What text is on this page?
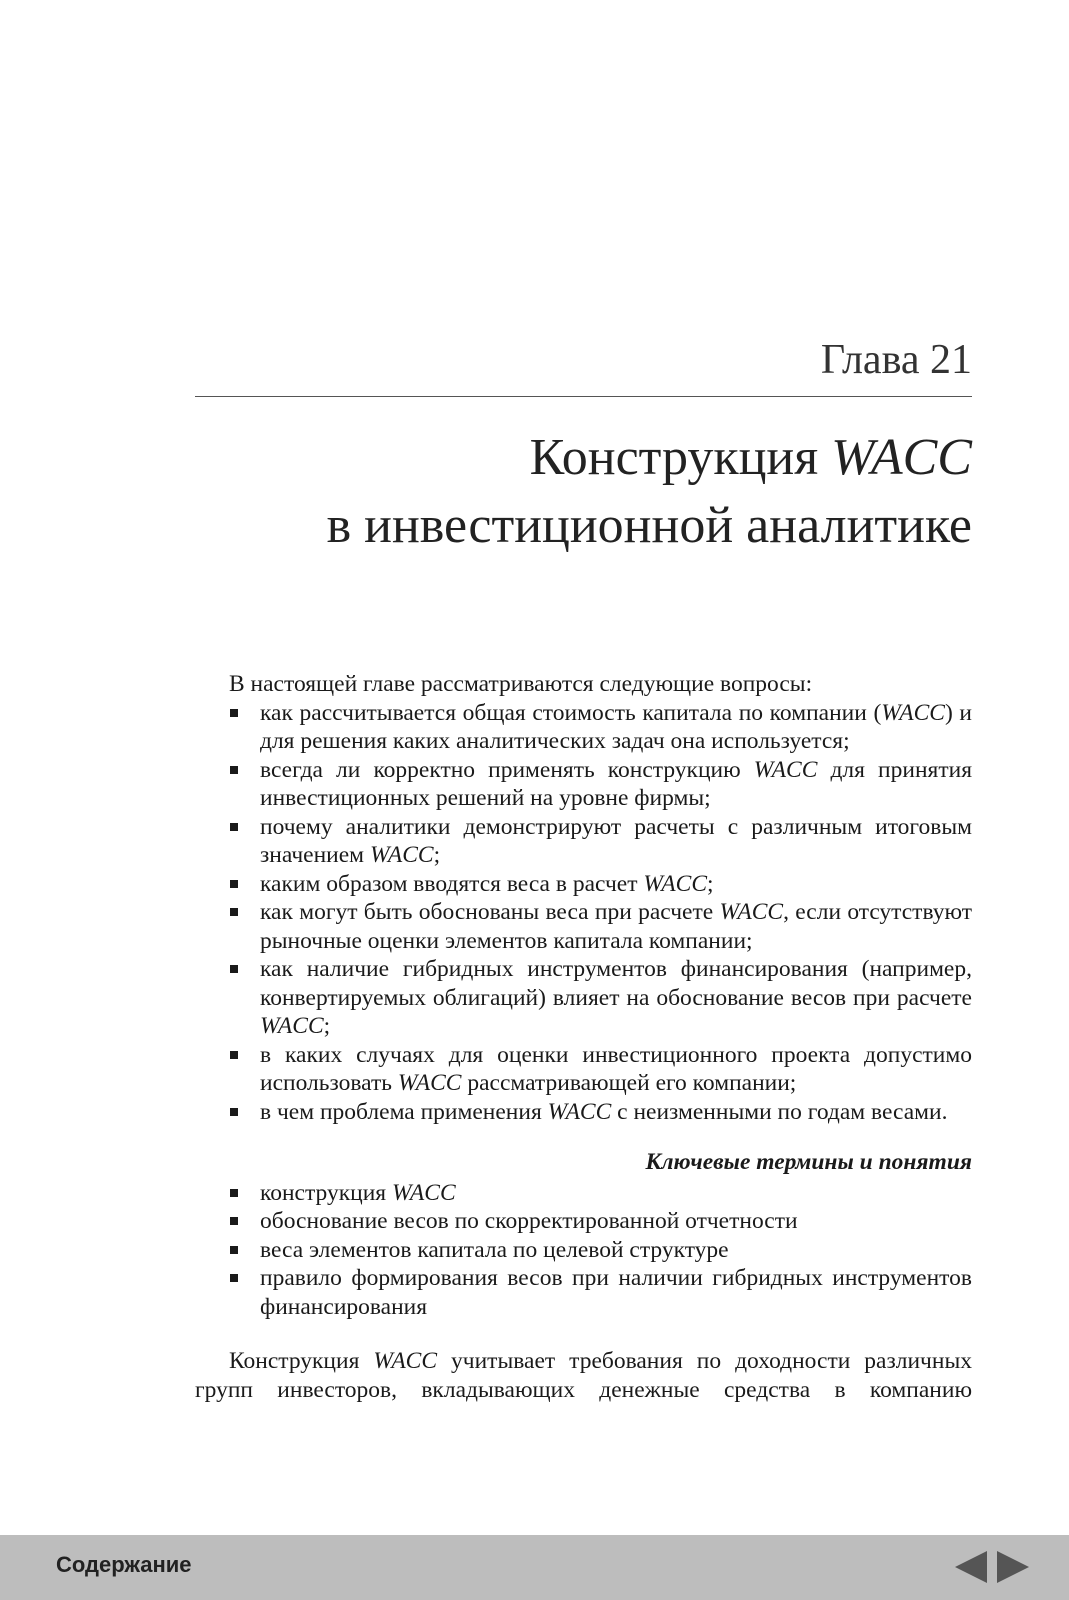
Глава 21
Конструкция WACC
в инвестиционной аналитике

В настоящей главе рассматриваются следующие вопросы:

как рассчитывается общая стоимость капитала по компании (WACC) и для решения каких аналитических задач она используется;
всегда ли корректно применять конструкцию WACC для принятия инвестиционных решений на уровне фирмы;
почему аналитики демонстрируют расчеты с различным итоговым значением WACC;
каким образом вводятся веса в расчет WACC;
как могут быть обоснованы веса при расчете WACC, если отсутствуют рыночные оценки элементов капитала компании;
как наличие гибридных инструментов финансирования (например, конвертируемых облигаций) влияет на обоснование весов при расчете WACC;
в каких случаях для оценки инвестиционного проекта допустимо использовать WACC рассматривающей его компании;
в чем проблема применения WACC с неизменными по годам весами.
Ключевые термины и понятия
конструкция WACC
обоснование весов по скорректированной отчетности
веса элементов капитала по целевой структуре
правило формирования весов при наличии гибридных инструментов финансирования

Конструкция WACC учитывает требования по доходности различных групп инвесторов, вкладывающих денежные средства в компанию

Содержание
